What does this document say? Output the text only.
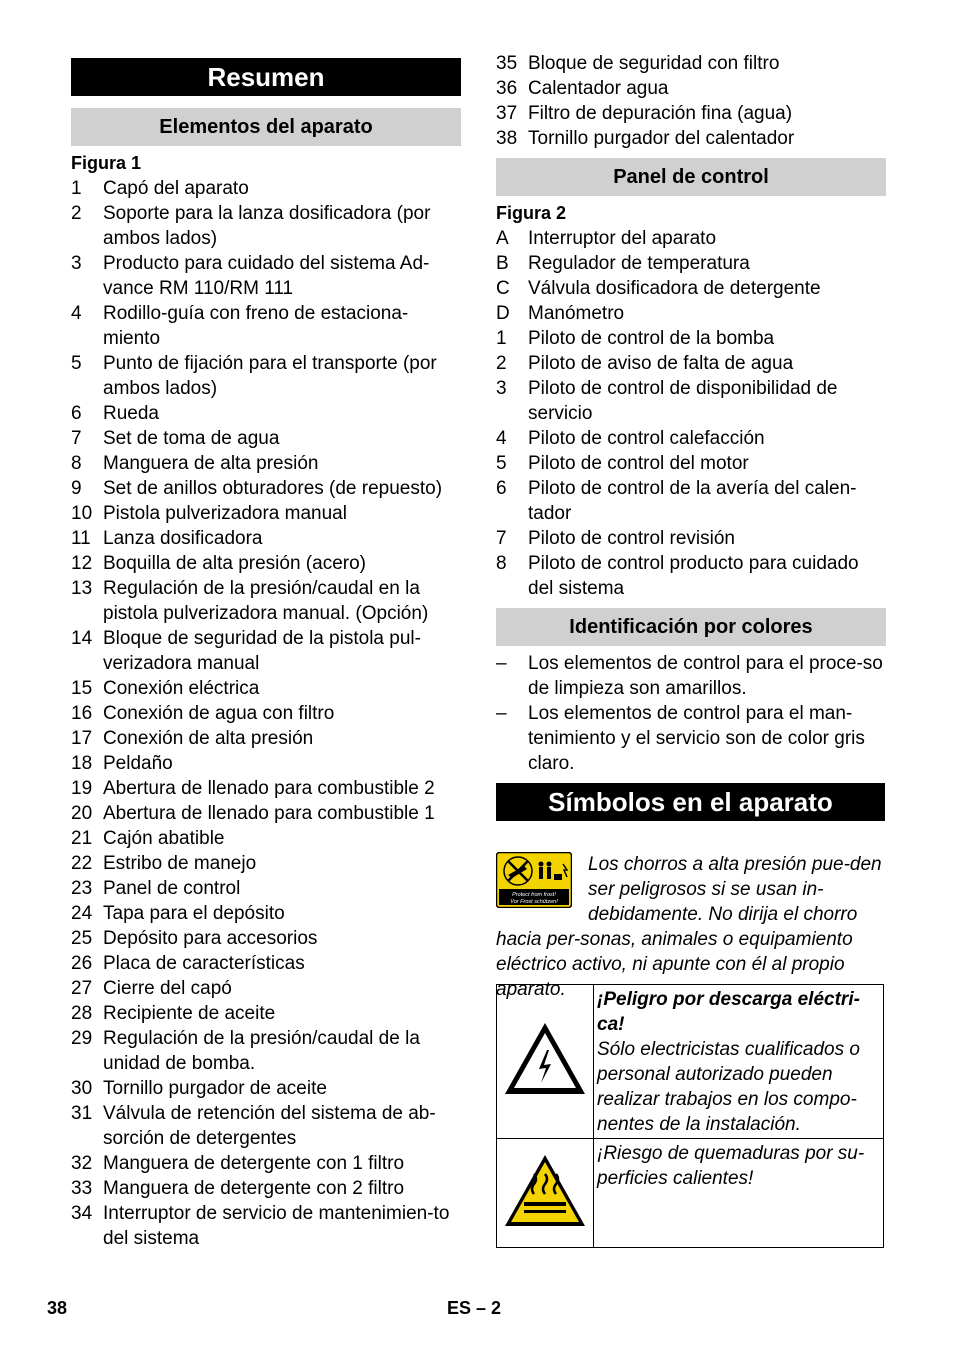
Resumen
Elementos del aparato
Figura 1
1	Capó del aparato
2	Soporte para la lanza dosificadora (por ambos lados)
3	Producto para cuidado del sistema Ad-vance RM 110/RM 111
4	Rodillo-guía con freno de estaciona-miento
5	Punto de fijación para el transporte (por ambos lados)
6	Rueda
7	Set de toma de agua
8	Manguera de alta presión
9	Set de anillos obturadores (de repuesto)
10 Pistola pulverizadora manual
11 Lanza dosificadora
12 Boquilla de alta presión (acero)
13 Regulación de la presión/caudal en la pistola pulverizadora manual. (Opción)
14 Bloque de seguridad de la pistola pul-verizadora manual
15 Conexión eléctrica
16 Conexión de agua con filtro
17 Conexión de alta presión
18 Peldaño
19 Abertura de llenado para combustible 2
20 Abertura de llenado para combustible 1
21 Cajón abatible
22 Estribo de manejo
23 Panel de control
24 Tapa para el depósito
25 Depósito para accesorios
26 Placa de características
27 Cierre del capó
28 Recipiente de aceite
29 Regulación de la presión/caudal de la unidad de bomba.
30 Tornillo purgador de aceite
31 Válvula de retención del sistema de ab-sorción de detergentes
32 Manguera de detergente con 1 filtro
33 Manguera de detergente con 2 filtro
34 Interruptor de servicio de mantenimien-to del sistema
35 Bloque de seguridad con filtro
36 Calentador agua
37 Filtro de depuración fina (agua)
38 Tornillo purgador del calentador
Panel de control
Figura 2
A	Interruptor del aparato
B	Regulador de temperatura
C Válvula dosificadora de detergente
D Manómetro
1	Piloto de control de la bomba
2	Piloto de aviso de falta de agua
3	Piloto de control de disponibilidad de servicio
4	Piloto de control calefacción
5	Piloto de control del motor
6	Piloto de control de la avería del calen-tador
7	Piloto de control revisión
8	Piloto de control producto para cuidado del sistema
Identificación por colores
–	Los elementos de control para el proce-so de limpieza son amarillos.
–	Los elementos de control para el man-tenimiento y el servicio son de color gris claro.
Símbolos en el aparato
Protect from frost!
Vor Frost schützen!
Los chorros a alta presión pue-den ser peligrosos si se usan in-debidamente. No dirija el chorro hacia per-sonas, animales o equipamiento eléctrico activo, ni apunte con él al propio aparato.
		¡Peligro por descarga eléctri-ca!
Sólo electricistas cualificados o personal autorizado pueden realizar trabajos en los compo-nentes de la instalación.

¡Riesgo de quemaduras por su-perficies calientes!
38	ES – 2
